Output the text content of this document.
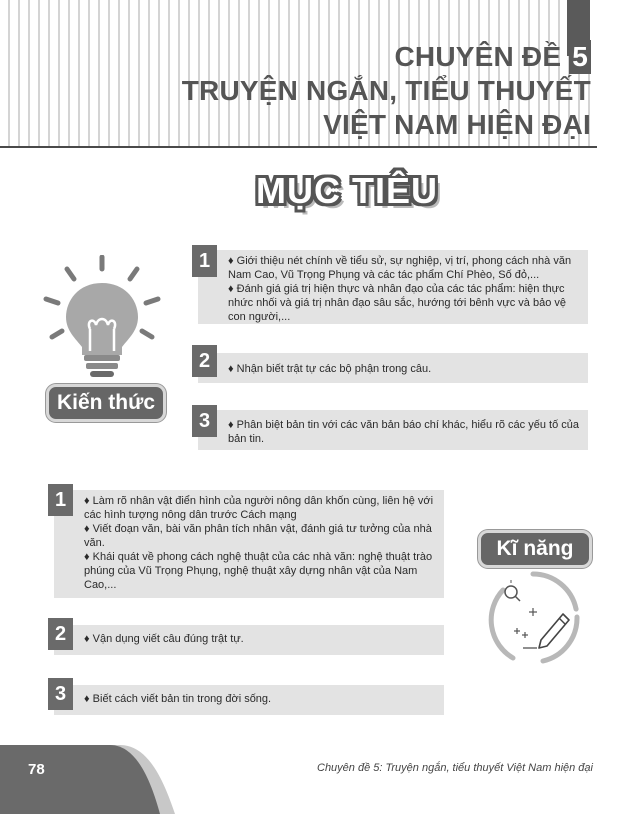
CHUYÊN ĐỀ 5
TRUYỆN NGẮN, TIỂU THUYẾT
VIỆT NAM HIỆN ĐẠI
MỤC TIÊU
Kiến thức

♦ Giới thiệu nét chính về tiểu sử, sự nghiệp, vị trí, phong cách nhà văn Nam Cao, Vũ Trọng Phụng và các tác phẩm Chí Phèo, Số đỏ,...

♦ Đánh giá giá trị hiện thực và nhân đạo của các tác phẩm: hiện thực nhức nhối và giá trị nhân đạo sâu sắc, hướng tới bênh vực và bảo vệ con người,...

1

♦ Nhận biết trật tự các bộ phận trong câu.

2

♦ Phân biệt bản tin với các văn bản báo chí khác, hiểu rõ các yếu tố của bản tin.

3

♦ Làm rõ nhân vật điển hình của người nông dân khốn cùng, liên hệ với các hình tượng nông dân trước Cách mạng

♦ Viết đoạn văn, bài văn phân tích nhân vật, đánh giá tư tưởng của nhà văn.

♦ Khái quát về phong cách nghệ thuật của các nhà văn: nghệ thuật trào phúng của Vũ Trọng Phụng, nghệ thuật xây dựng nhân vật của Nam Cao,...

1

♦ Vận dụng viết câu đúng trật tự.

2

♦ Biết cách viết bản tin trong đời sống.

3
Kĩ năng
78	Chuyên đề 5: Truyện ngắn, tiểu thuyết Việt Nam hiện đại
